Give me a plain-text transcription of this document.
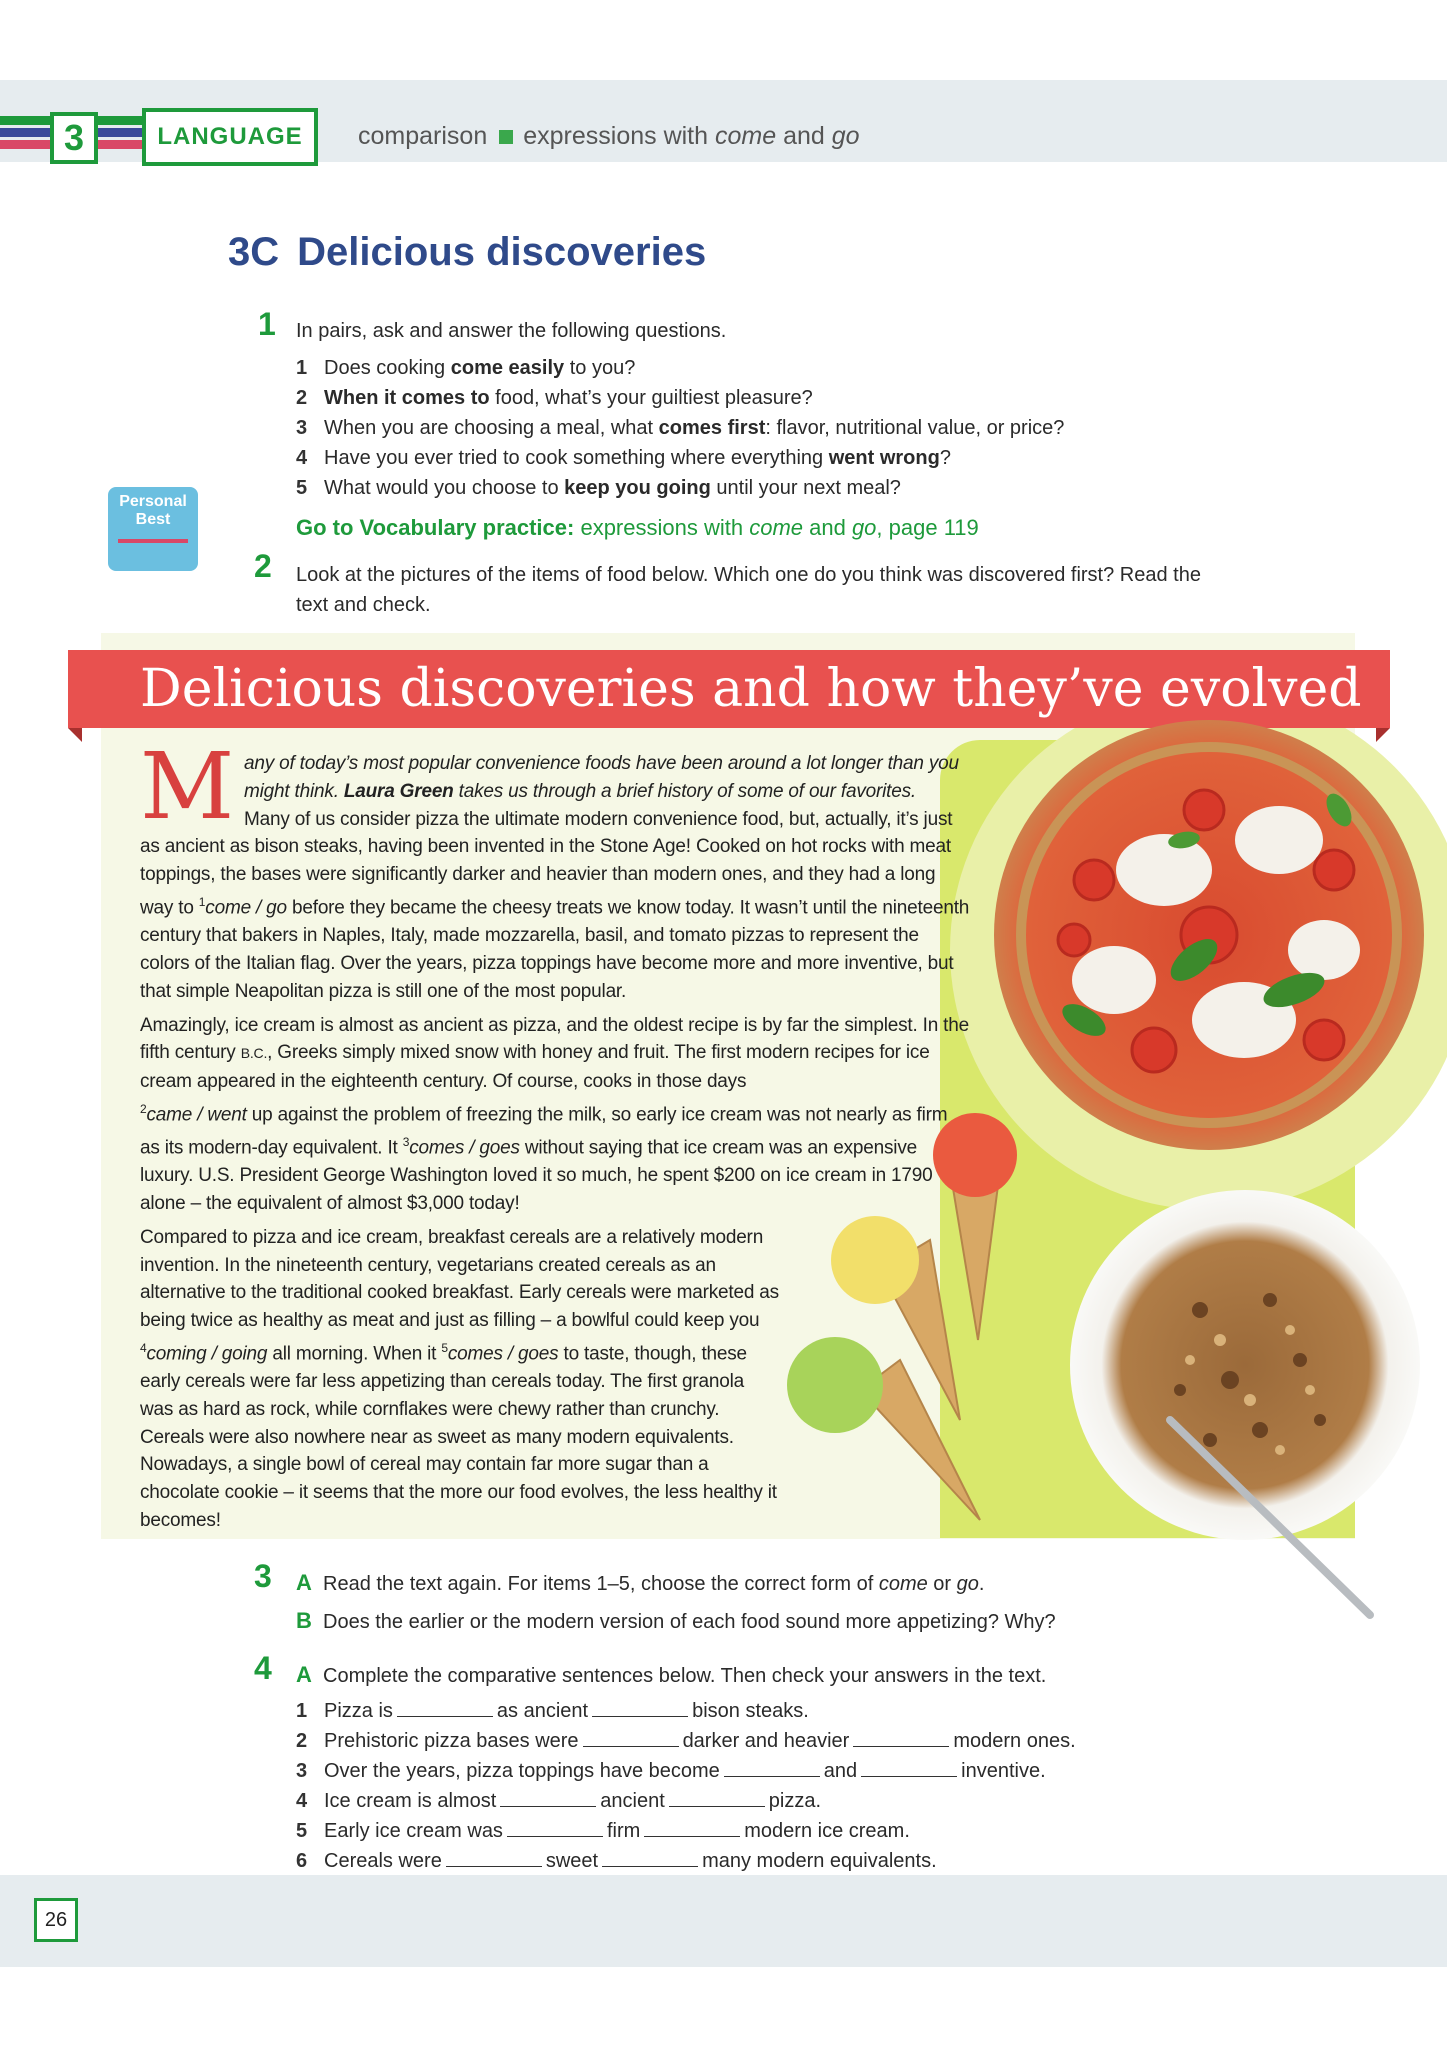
3	LANGUAGE	comparison expressions with come and go
3C Delicious discoveries
1 In pairs, ask and answer the following questions.
1 Does cooking come easily to you?
2 When it comes to food, what’s your guiltiest pleasure?
3 When you are choosing a meal, what comes first: flavor, nutritional value, or price?
4 Have you ever tried to cook something where everything went wrong?
5 What would you choose to keep you going until your next meal?
Personal
Best	Go to Vocabulary practice: expressions with come and go, page 119
2 Look at the pictures of the items of food below. Which one do you think was discovered first? Read the
text and check.
Delicious discoveries and how they’ve evolved

Many of today’s most popular convenience foods have been around a lot longer than you might think. Laura Green takes us through a brief history of some of our favorites.
Many of us consider pizza the ultimate modern convenience food, but, actually, it’s just as ancient as bison steaks, having been invented in the Stone Age! Cooked on hot rocks with meat toppings, the bases were significantly darker and heavier than modern ones, and they had a long way to $^1$come / go before they became the cheesy treats we know today. It wasn’t until the nineteenth century that bakers in Naples, Italy, made mozzarella, basil, and tomato pizzas to represent the colors of the Italian flag. Over the years, pizza toppings have become more and more inventive, but that simple Neapolitan pizza is still one of the most popular.

Amazingly, ice cream is almost as ancient as pizza, and the oldest recipe is by far the simplest. In the fifth century B.C., Greeks simply mixed snow with honey and fruit. The first modern recipes for ice cream appeared in the eighteenth century. Of course, cooks in those days
$^2$came / went up against the problem of freezing the milk, so early ice cream was not nearly as firm as its modern-day equivalent. It $^3$comes / goes without saying that ice cream was an expensive luxury. U.S. President George Washington loved it so much, he spent $200 on ice cream in 1790 alone – the equivalent of almost $3,000 today!

Compared to pizza and ice cream, breakfast cereals are a relatively modern invention. In the nineteenth century, vegetarians created cereals as an alternative to the traditional cooked breakfast. Early cereals were marketed as being twice as healthy as meat and just as filling – a bowlful could keep you $^4$coming / going all morning. When it $^5$comes / goes to taste, though, these early cereals were far less appetizing than cereals today. The first granola was as hard as rock, while cornflakes were chewy rather than crunchy. Cereals were also nowhere near as sweet as many modern equivalents. Nowadays, a single bowl of cereal may contain far more sugar than a chocolate cookie – it seems that the more our food evolves, the less healthy it becomes!

3 A Read the text again. For items 1–5, choose the correct form of come or go.
B Does the earlier or the modern version of each food sound more appetizing? Why?
4 A Complete the comparative sentences below. Then check your answers in the text.
1 Pizza is	as ancient	bison steaks.
2 Prehistoric pizza bases were	darker and heavier	modern ones.
3 Over the years, pizza toppings have become	and	inventive.
4 Ice cream is almost	ancient	pizza.
5 Early ice cream was	firm	modern ice cream.
6 Cereals were	sweet	many modern equivalents.
26
